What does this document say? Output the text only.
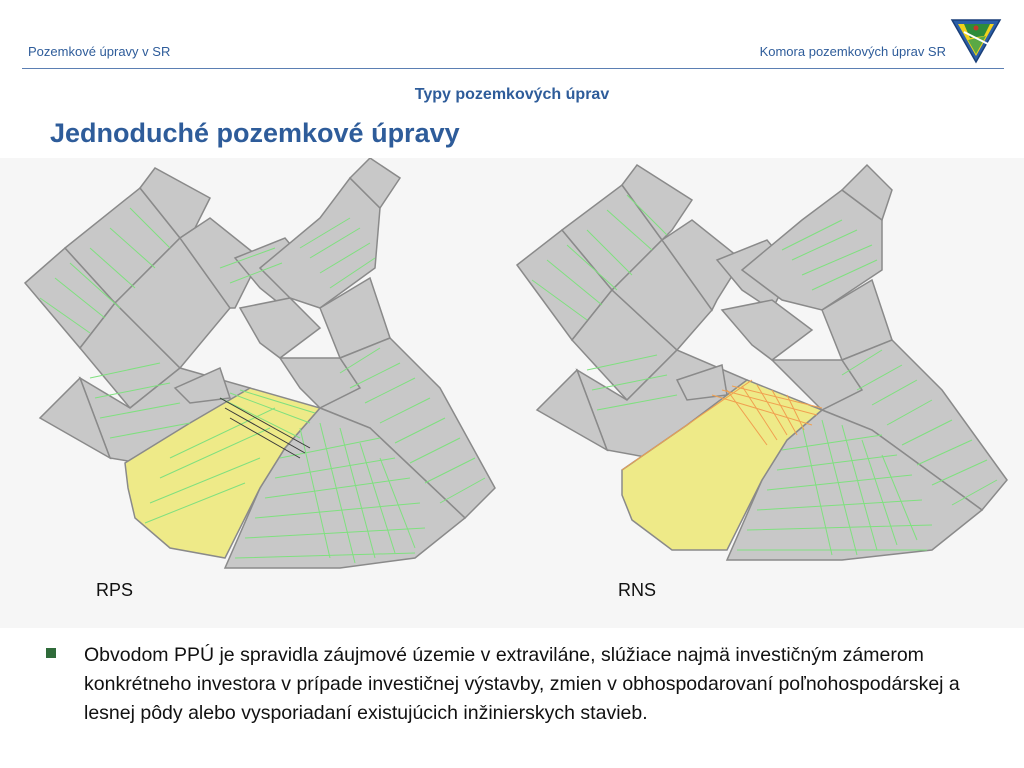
Pozemkové úpravy v SR	Komora pozemkových úprav SR
Typy pozemkových úprav
Jednoduché pozemkové úpravy
RPS	RNS
Obvodom PPÚ je spravidla záujmové územie v extraviláne, slúžiace najmä investičným zámerom konkrétneho investora v prípade investičnej výstavby, zmien v obhospodarovaní poľnohospodárskej a lesnej pôdy alebo vysporiadaní existujúcich inžinierskych stavieb.
